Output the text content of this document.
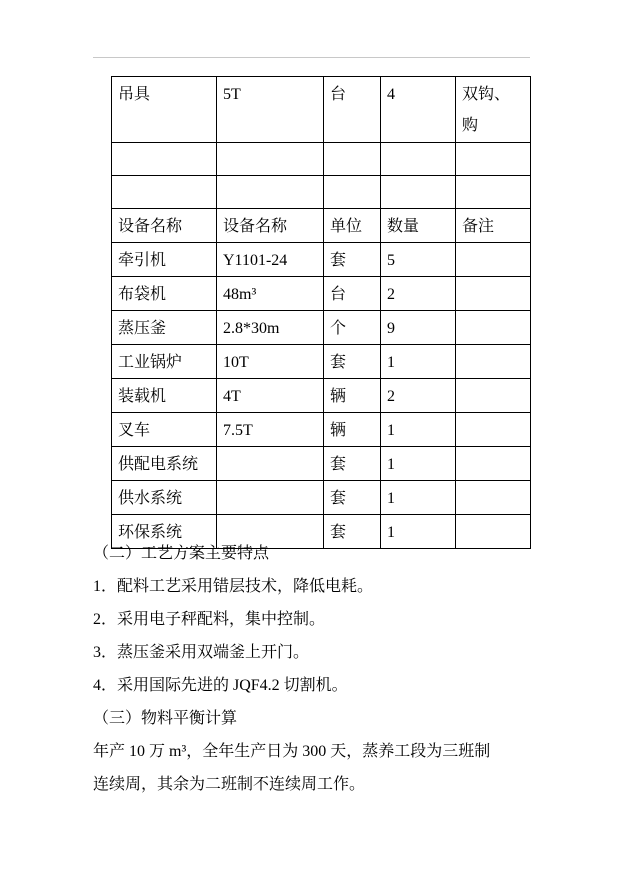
吊具	5T	台	4	双钩、购

设备名称	设备名称	单位	数量	备注
牵引机	Y1101-24	套	5	
布袋机	48m³	台	2	
蒸压釜	2.8*30m	个	9	
工业锅炉	10T	套	1	
装载机	4T	辆	2	
叉车	7.5T	辆	1	
供配电系统		套	1	
供水系统		套	1	
环保系统		套	1	

（二）工艺方案主要特点

1．配料工艺采用错层技术，降低电耗。

2．采用电子秤配料，集中控制。

3．蒸压釜采用双端釜上开门。

4．采用国际先进的 JQF4.2 切割机。

（三）物料平衡计算

年产 10 万 m³，全年生产日为 300 天，蒸养工段为三班制

连续周，其余为二班制不连续周工作。
